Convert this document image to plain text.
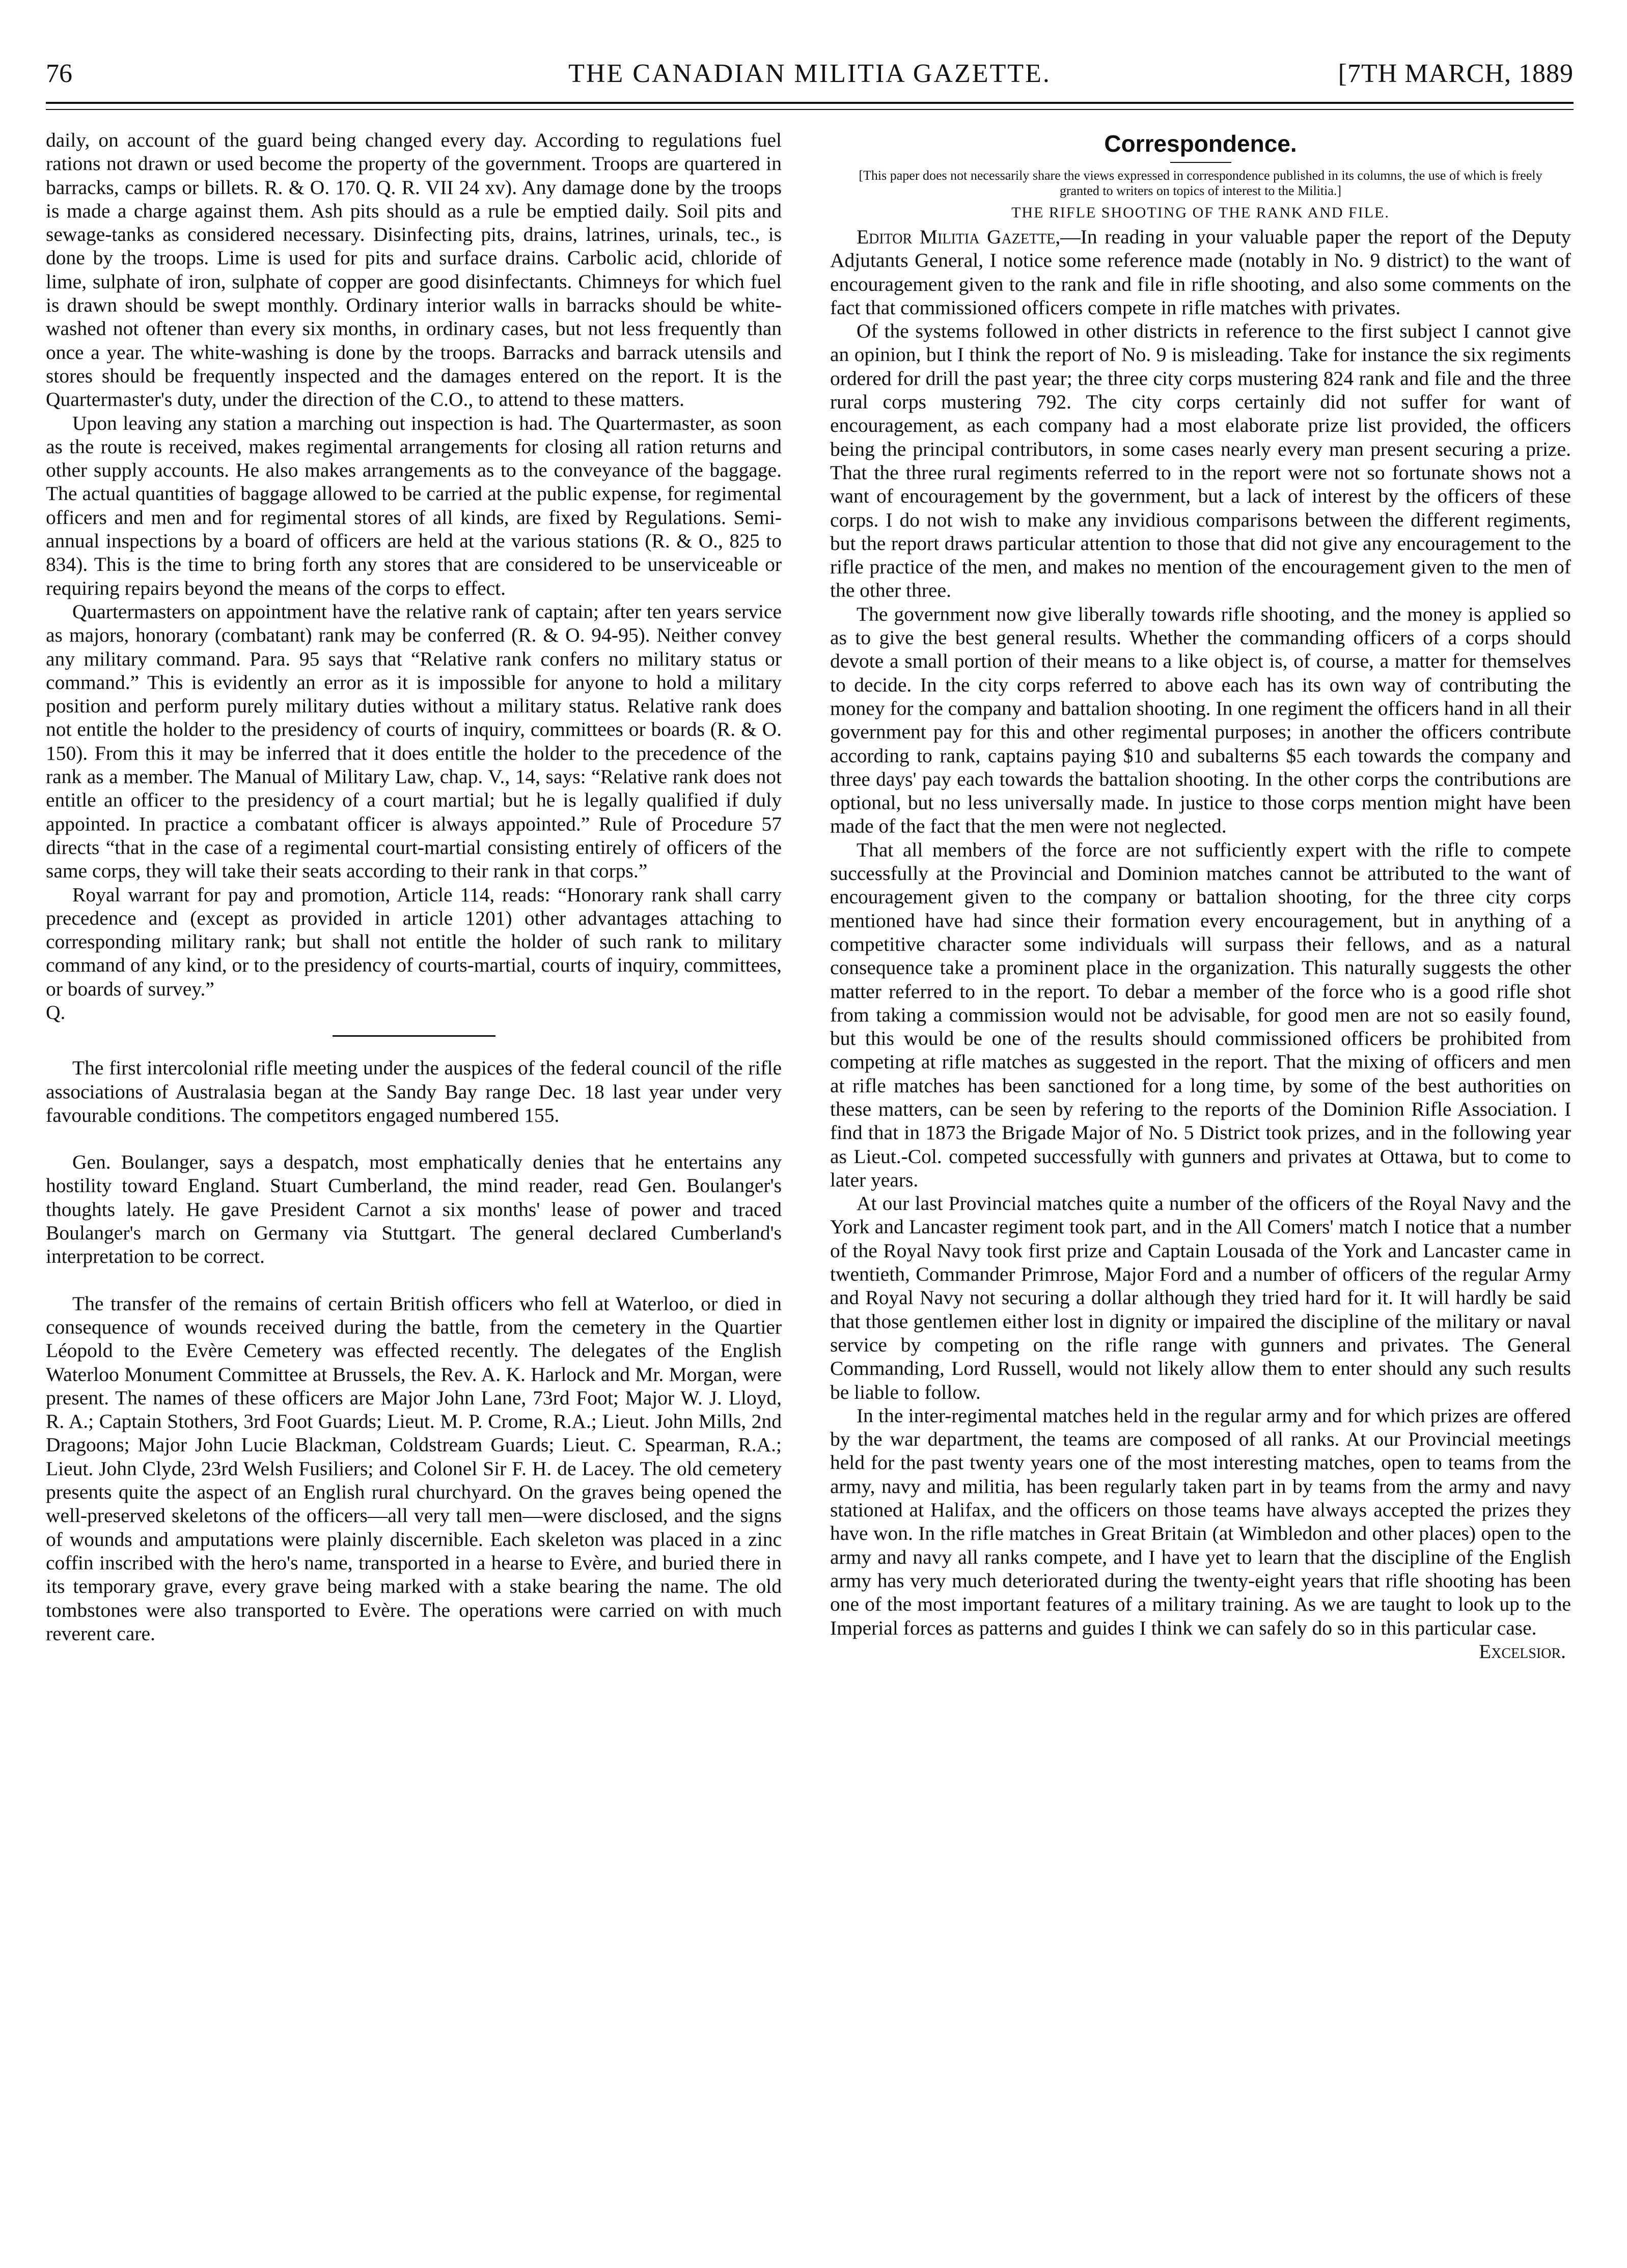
76	THE CANADIAN MILITIA GAZETTE.	[7TH MARCH, 1889

daily, on account of the guard being changed every day. According to regulations fuel rations not drawn or used become the property of the government. Troops are quartered in barracks, camps or billets. R. & O. 170. Q. R. VII 24 xv). Any damage done by the troops is made a charge against them. Ash pits should as a rule be emptied daily. Soil pits and sewage-tanks as considered necessary. Disinfecting pits, drains, latrines, urinals, tec., is done by the troops. Lime is used for pits and surface drains. Carbolic acid, chloride of lime, sulphate of iron, sulphate of copper are good disinfectants. Chimneys for which fuel is drawn should be swept monthly. Ordinary interior walls in barracks should be white-washed not oftener than every six months, in ordinary cases, but not less frequently than once a year. The white-washing is done by the troops. Barracks and barrack utensils and stores should be frequently inspected and the damages entered on the report. It is the Quartermaster's duty, under the direction of the C.O., to attend to these matters.

Upon leaving any station a marching out inspection is had. The Quartermaster, as soon as the route is received, makes regimental arrangements for closing all ration returns and other supply accounts. He also makes arrangements as to the conveyance of the baggage. The actual quantities of baggage allowed to be carried at the public expense, for regimental officers and men and for regimental stores of all kinds, are fixed by Regulations. Semi-annual inspections by a board of officers are held at the various stations (R. & O., 825 to 834). This is the time to bring forth any stores that are considered to be unserviceable or requiring repairs beyond the means of the corps to effect.

Quartermasters on appointment have the relative rank of captain; after ten years service as majors, honorary (combatant) rank may be conferred (R. & O. 94-95). Neither convey any military command. Para. 95 says that “Relative rank confers no military status or command.” This is evidently an error as it is impossible for anyone to hold a military position and perform purely military duties without a military status. Relative rank does not entitle the holder to the presidency of courts of inquiry, committees or boards (R. & O. 150). From this it may be inferred that it does entitle the holder to the precedence of the rank as a member. The Manual of Military Law, chap. V., 14, says: “Relative rank does not entitle an officer to the presidency of a court martial; but he is legally qualified if duly appointed. In practice a combatant officer is always appointed.” Rule of Procedure 57 directs “that in the case of a regimental court-martial consisting entirely of officers of the same corps, they will take their seats according to their rank in that corps.”

Royal warrant for pay and promotion, Article 114, reads: “Honorary rank shall carry precedence and (except as provided in article 1201) other advantages attaching to corresponding military rank; but shall not entitle the holder of such rank to military command of any kind, or to the presidency of courts-martial, courts of inquiry, committees, or boards of survey.”

Q.

The first intercolonial rifle meeting under the auspices of the federal council of the rifle associations of Australasia began at the Sandy Bay range Dec. 18 last year under very favourable conditions. The competitors engaged numbered 155.

Gen. Boulanger, says a despatch, most emphatically denies that he entertains any hostility toward England. Stuart Cumberland, the mind reader, read Gen. Boulanger's thoughts lately. He gave President Carnot a six months' lease of power and traced Boulanger's march on Germany via Stuttgart. The general declared Cumberland's interpretation to be correct.

The transfer of the remains of certain British officers who fell at Waterloo, or died in consequence of wounds received during the battle, from the cemetery in the Quartier Léopold to the Evère Cemetery was effected recently. The delegates of the English Waterloo Monument Committee at Brussels, the Rev. A. K. Harlock and Mr. Morgan, were present. The names of these officers are Major John Lane, 73rd Foot; Major W. J. Lloyd, R. A.; Captain Stothers, 3rd Foot Guards; Lieut. M. P. Crome, R.A.; Lieut. John Mills, 2nd Dragoons; Major John Lucie Blackman, Coldstream Guards; Lieut. C. Spearman, R.A.; Lieut. John Clyde, 23rd Welsh Fusiliers; and Colonel Sir F. H. de Lacey. The old cemetery presents quite the aspect of an English rural churchyard. On the graves being opened the well-preserved skeletons of the officers—all very tall men—were disclosed, and the signs of wounds and amputations were plainly discernible. Each skeleton was placed in a zinc coffin inscribed with the hero's name, transported in a hearse to Evère, and buried there in its temporary grave, every grave being marked with a stake bearing the name. The old tombstones were also transported to Evère. The operations were carried on with much reverent care.

Correspondence.
[This paper does not necessarily share the views expressed in correspondence published in its columns, the use of which is freely granted to writers on topics of interest to the Militia.]
THE RIFLE SHOOTING OF THE RANK AND FILE.

Editor Militia Gazette,—In reading in your valuable paper the report of the Deputy Adjutants General, I notice some reference made (notably in No. 9 district) to the want of encouragement given to the rank and file in rifle shooting, and also some comments on the fact that commissioned officers compete in rifle matches with privates.

Of the systems followed in other districts in reference to the first subject I cannot give an opinion, but I think the report of No. 9 is misleading. Take for instance the six regiments ordered for drill the past year; the three city corps mustering 824 rank and file and the three rural corps mustering 792. The city corps certainly did not suffer for want of encouragement, as each company had a most elaborate prize list provided, the officers being the principal contributors, in some cases nearly every man present securing a prize. That the three rural regiments referred to in the report were not so fortunate shows not a want of encouragement by the government, but a lack of interest by the officers of these corps. I do not wish to make any invidious comparisons between the different regiments, but the report draws particular attention to those that did not give any encouragement to the rifle practice of the men, and makes no mention of the encouragement given to the men of the other three.

The government now give liberally towards rifle shooting, and the money is applied so as to give the best general results. Whether the commanding officers of a corps should devote a small portion of their means to a like object is, of course, a matter for themselves to decide. In the city corps referred to above each has its own way of contributing the money for the company and battalion shooting. In one regiment the officers hand in all their government pay for this and other regimental purposes; in another the officers contribute according to rank, captains paying $10 and subalterns $5 each towards the company and three days' pay each towards the battalion shooting. In the other corps the contributions are optional, but no less universally made. In justice to those corps mention might have been made of the fact that the men were not neglected.

That all members of the force are not sufficiently expert with the rifle to compete successfully at the Provincial and Dominion matches cannot be attributed to the want of encouragement given to the company or battalion shooting, for the three city corps mentioned have had since their formation every encouragement, but in anything of a competitive character some individuals will surpass their fellows, and as a natural consequence take a prominent place in the organization. This naturally suggests the other matter referred to in the report. To debar a member of the force who is a good rifle shot from taking a commission would not be advisable, for good men are not so easily found, but this would be one of the results should commissioned officers be prohibited from competing at rifle matches as suggested in the report. That the mixing of officers and men at rifle matches has been sanctioned for a long time, by some of the best authorities on these matters, can be seen by refering to the reports of the Dominion Rifle Association. I find that in 1873 the Brigade Major of No. 5 District took prizes, and in the following year as Lieut.-Col. competed successfully with gunners and privates at Ottawa, but to come to later years.

At our last Provincial matches quite a number of the officers of the Royal Navy and the York and Lancaster regiment took part, and in the All Comers' match I notice that a number of the Royal Navy took first prize and Captain Lousada of the York and Lancaster came in twentieth, Commander Primrose, Major Ford and a number of officers of the regular Army and Royal Navy not securing a dollar although they tried hard for it. It will hardly be said that those gentlemen either lost in dignity or impaired the discipline of the military or naval service by competing on the rifle range with gunners and privates. The General Commanding, Lord Russell, would not likely allow them to enter should any such results be liable to follow.

In the inter-regimental matches held in the regular army and for which prizes are offered by the war department, the teams are composed of all ranks. At our Provincial meetings held for the past twenty years one of the most interesting matches, open to teams from the army, navy and militia, has been regularly taken part in by teams from the army and navy stationed at Halifax, and the officers on those teams have always accepted the prizes they have won. In the rifle matches in Great Britain (at Wimbledon and other places) open to the army and navy all ranks compete, and I have yet to learn that the discipline of the English army has very much deteriorated during the twenty-eight years that rifle shooting has been one of the most important features of a military training. As we are taught to look up to the Imperial forces as patterns and guides I think we can safely do so in this particular case.

Excelsior.
